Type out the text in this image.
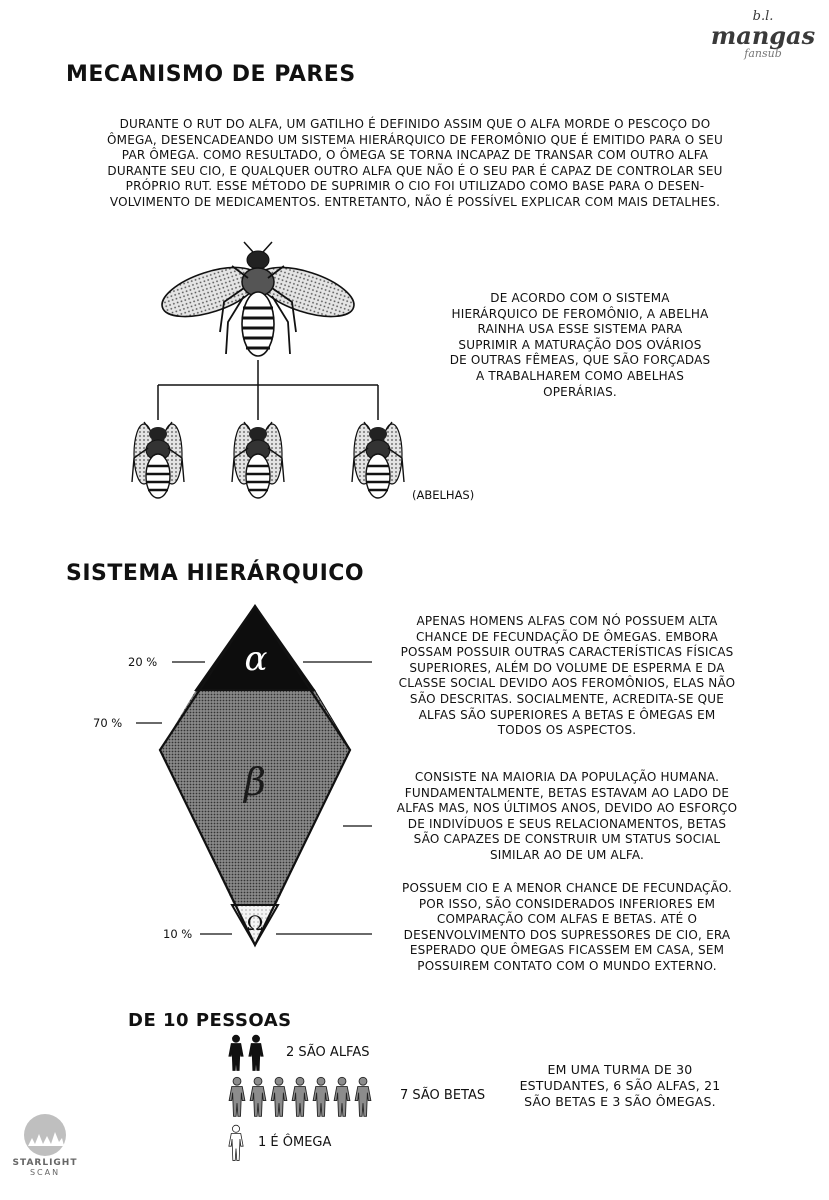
b.l.
mangas
fansub
MECANISMO DE PARES
DURANTE O RUT DO ALFA, UM GATILHO É DEFINIDO ASSIM QUE O ALFA MORDE O PESCOÇO DO
ÔMEGA, DESENCADEANDO UM SISTEMA HIERÁRQUICO DE FEROMÔNIO QUE É EMITIDO PARA O SEU
PAR ÔMEGA. COMO RESULTADO, O ÔMEGA SE TORNA INCAPAZ DE TRANSAR COM OUTRO ALFA
DURANTE SEU CIO, E QUALQUER OUTRO ALFA QUE NÃO É O SEU PAR É CAPAZ DE CONTROLAR SEU
PRÓPRIO RUT. ESSE MÉTODO DE SUPRIMIR O CIO FOI UTILIZADO COMO BASE PARA O DESEN-
VOLVIMENTO DE MEDICAMENTOS. ENTRETANTO, NÃO É POSSÍVEL EXPLICAR COM MAIS DETALHES.
DE ACORDO COM O SISTEMA
HIERÁRQUICO DE FEROMÔNIO, A ABELHA
RAINHA USA ESSE SISTEMA PARA
SUPRIMIR A MATURAÇÃO DOS OVÁRIOS
DE OUTRAS FÊMEAS, QUE SÃO FORÇADAS
A TRABALHAREM COMO ABELHAS
OPERÁRIAS.
(ABELHAS)
SISTEMA HIERÁRQUICO
α
β
Ω
20 %
70 %
10 %
APENAS HOMENS ALFAS COM NÓ POSSUEM ALTA
CHANCE DE FECUNDAÇÃO DE ÔMEGAS. EMBORA
POSSAM POSSUIR OUTRAS CARACTERÍSTICAS FÍSICAS
SUPERIORES, ALÉM DO VOLUME DE ESPERMA E DA
CLASSE SOCIAL DEVIDO AOS FEROMÔNIOS, ELAS NÃO
SÃO DESCRITAS. SOCIALMENTE, ACREDITA-SE QUE
ALFAS SÃO SUPERIORES A BETAS E ÔMEGAS EM
TODOS OS ASPECTOS.
CONSISTE NA MAIORIA DA POPULAÇÃO HUMANA.
FUNDAMENTALMENTE, BETAS ESTAVAM AO LADO DE
ALFAS MAS, NOS ÚLTIMOS ANOS, DEVIDO AO ESFORÇO
DE INDIVÍDUOS E SEUS RELACIONAMENTOS, BETAS
SÃO CAPAZES DE CONSTRUIR UM STATUS SOCIAL
SIMILAR AO DE UM ALFA.
POSSUEM CIO E A MENOR CHANCE DE FECUNDAÇÃO.
POR ISSO, SÃO CONSIDERADOS INFERIORES EM
COMPARAÇÃO COM ALFAS E BETAS. ATÉ O
DESENVOLVIMENTO DOS SUPRESSORES DE CIO, ERA
ESPERADO QUE ÔMEGAS FICASSEM EM CASA, SEM
POSSUIREM CONTATO COM O MUNDO EXTERNO.
DE 10 PESSOAS
2 SÃO ALFAS
7 SÃO BETAS
1 É ÔMEGA
EM UMA TURMA DE 30
ESTUDANTES, 6 SÃO ALFAS, 21
SÃO BETAS E 3 SÃO ÔMEGAS.
STARLIGHT
SCAN
